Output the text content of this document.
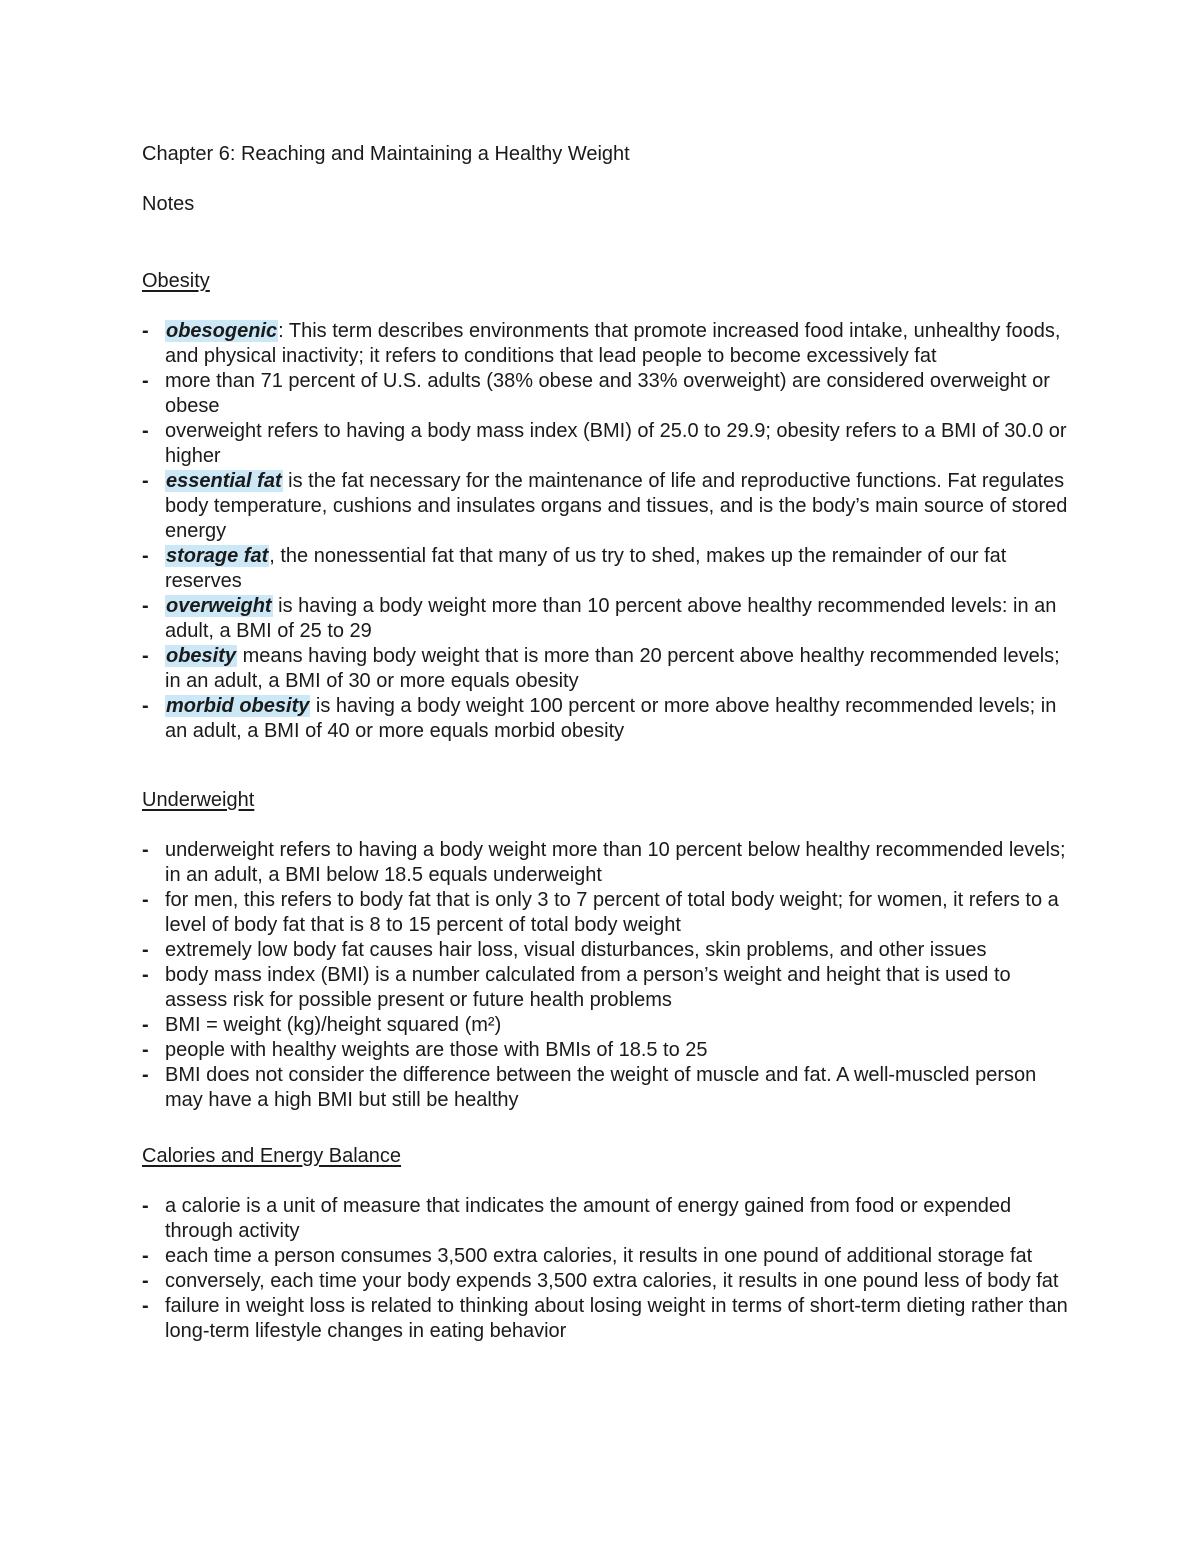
Chapter 6: Reaching and Maintaining a Healthy Weight
Notes
Obesity
- obesogenic: This term describes environments that promote increased food intake, unhealthy foods, and physical inactivity; it refers to conditions that lead people to become excessively fat
- more than 71 percent of U.S. adults (38% obese and 33% overweight) are considered overweight or obese
- overweight refers to having a body mass index (BMI) of 25.0 to 29.9; obesity refers to a BMI of 30.0 or higher
- essential fat is the fat necessary for the maintenance of life and reproductive functions. Fat regulates body temperature, cushions and insulates organs and tissues, and is the body’s main source of stored energy
- storage fat, the nonessential fat that many of us try to shed, makes up the remainder of our fat reserves
- overweight is having a body weight more than 10 percent above healthy recommended levels: in an adult, a BMI of 25 to 29
- obesity means having body weight that is more than 20 percent above healthy recommended levels; in an adult, a BMI of 30 or more equals obesity
- morbid obesity is having a body weight 100 percent or more above healthy recommended levels; in an adult, a BMI of 40 or more equals morbid obesity
Underweight
- underweight refers to having a body weight more than 10 percent below healthy recommended levels; in an adult, a BMI below 18.5 equals underweight
- for men, this refers to body fat that is only 3 to 7 percent of total body weight; for women, it refers to a level of body fat that is 8 to 15 percent of total body weight
- extremely low body fat causes hair loss, visual disturbances, skin problems, and other issues
- body mass index (BMI) is a number calculated from a person’s weight and height that is used to assess risk for possible present or future health problems
- BMI = weight (kg)/height squared (m²)
- people with healthy weights are those with BMIs of 18.5 to 25
- BMI does not consider the difference between the weight of muscle and fat. A well-muscled person may have a high BMI but still be healthy
Calories and Energy Balance
- a calorie is a unit of measure that indicates the amount of energy gained from food or expended through activity
- each time a person consumes 3,500 extra calories, it results in one pound of additional storage fat
- conversely, each time your body expends 3,500 extra calories, it results in one pound less of body fat
- failure in weight loss is related to thinking about losing weight in terms of short-term dieting rather than long-term lifestyle changes in eating behavior
